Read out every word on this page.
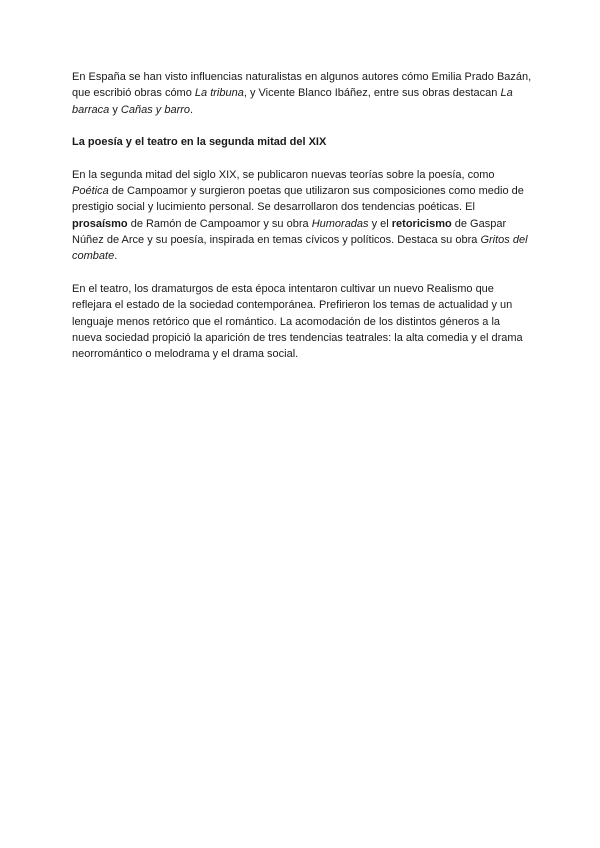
En España se han visto influencias naturalistas en algunos autores cómo Emilia Prado Bazán, que escribió obras cómo La tribuna, y Vicente Blanco Ibáñez, entre sus obras destacan La barraca y Cañas y barro.

La poesía y el teatro en la segunda mitad del XIX

En la segunda mitad del siglo XIX, se publicaron nuevas teorías sobre la poesía, como Poética de Campoamor y surgieron poetas que utilizaron sus composiciones como medio de prestigio social y lucimiento personal. Se desarrollaron dos tendencias poéticas. El prosaísmo de Ramón de Campoamor y su obra Humoradas y el retoricismo de Gaspar Núñez de Arce y su poesía, inspirada en temas cívicos y políticos. Destaca su obra Gritos del combate.

En el teatro, los dramaturgos de esta época intentaron cultivar un nuevo Realismo que reflejara el estado de la sociedad contemporánea. Prefirieron los temas de actualidad y un lenguaje menos retórico que el romántico. La acomodación de los distintos géneros a la nueva sociedad propició la aparición de tres tendencias teatrales: la alta comedia y el drama neorromántico o melodrama y el drama social.
